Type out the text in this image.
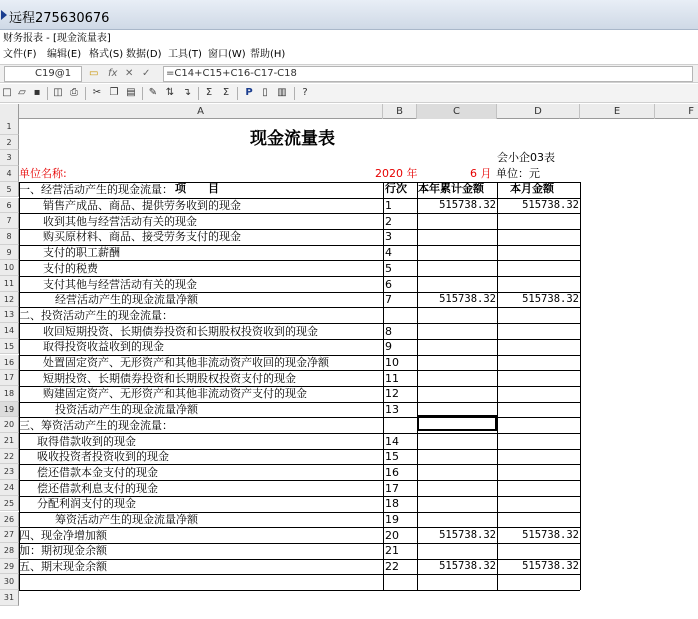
远程275630676
财务报表 - [现金流量表]
文件(F) 编辑(E) 格式(S) 数据(D) 工具(T) 窗口(W) 帮助(H)
C19@1	▭ fx ✕ ✓	=C14+C15+C16-C17-C18
□ ▱ ▪	◫ ⎙	✂ ❐ ▤ ✎ ⇅ ↴	Σ	Σ	P ▯ ▥	?
A	B	C	D	E	F
1
2
3
4
5
6
7
8
9
10
11
12
13
14
15
16
17
18
19
20
21
22
23
24
25
26
27
28
29
30
31
现金流量表
会小企03表
单位名称:	2020 年	6 月 单位：元
项　　目	行次 本年累计金额 本月金额
一、经营活动产生的现金流量：
销售产成品、商品、提供劳务收到的现金	1	515738.32	515738.32
收到其他与经营活动有关的现金	2
购买原材料、商品、接受劳务支付的现金	3
支付的职工薪酬	4
支付的税费	5
支付其他与经营活动有关的现金	6
经营活动产生的现金流量净额	7	515738.32	515738.32
二、投资活动产生的现金流量：
收回短期投资、长期债券投资和长期股权投资收到的现金	8
取得投资收益收到的现金	9
处置固定资产、无形资产和其他非流动资产收回的现金净额	10
短期投资、长期债券投资和长期股权投资支付的现金	11
购建固定资产、无形资产和其他非流动资产支付的现金	12
投资活动产生的现金流量净额	13
三、筹资活动产生的现金流量：
取得借款收到的现金	14
吸收投资者投资收到的现金	15
偿还借款本金支付的现金	16
偿还借款利息支付的现金	17
分配利润支付的现金	18
筹资活动产生的现金流量净额	19
四、现金净增加额	20	515738.32	515738.32
加：期初现金余额	21
五、期末现金余额	22	515738.32	515738.32
